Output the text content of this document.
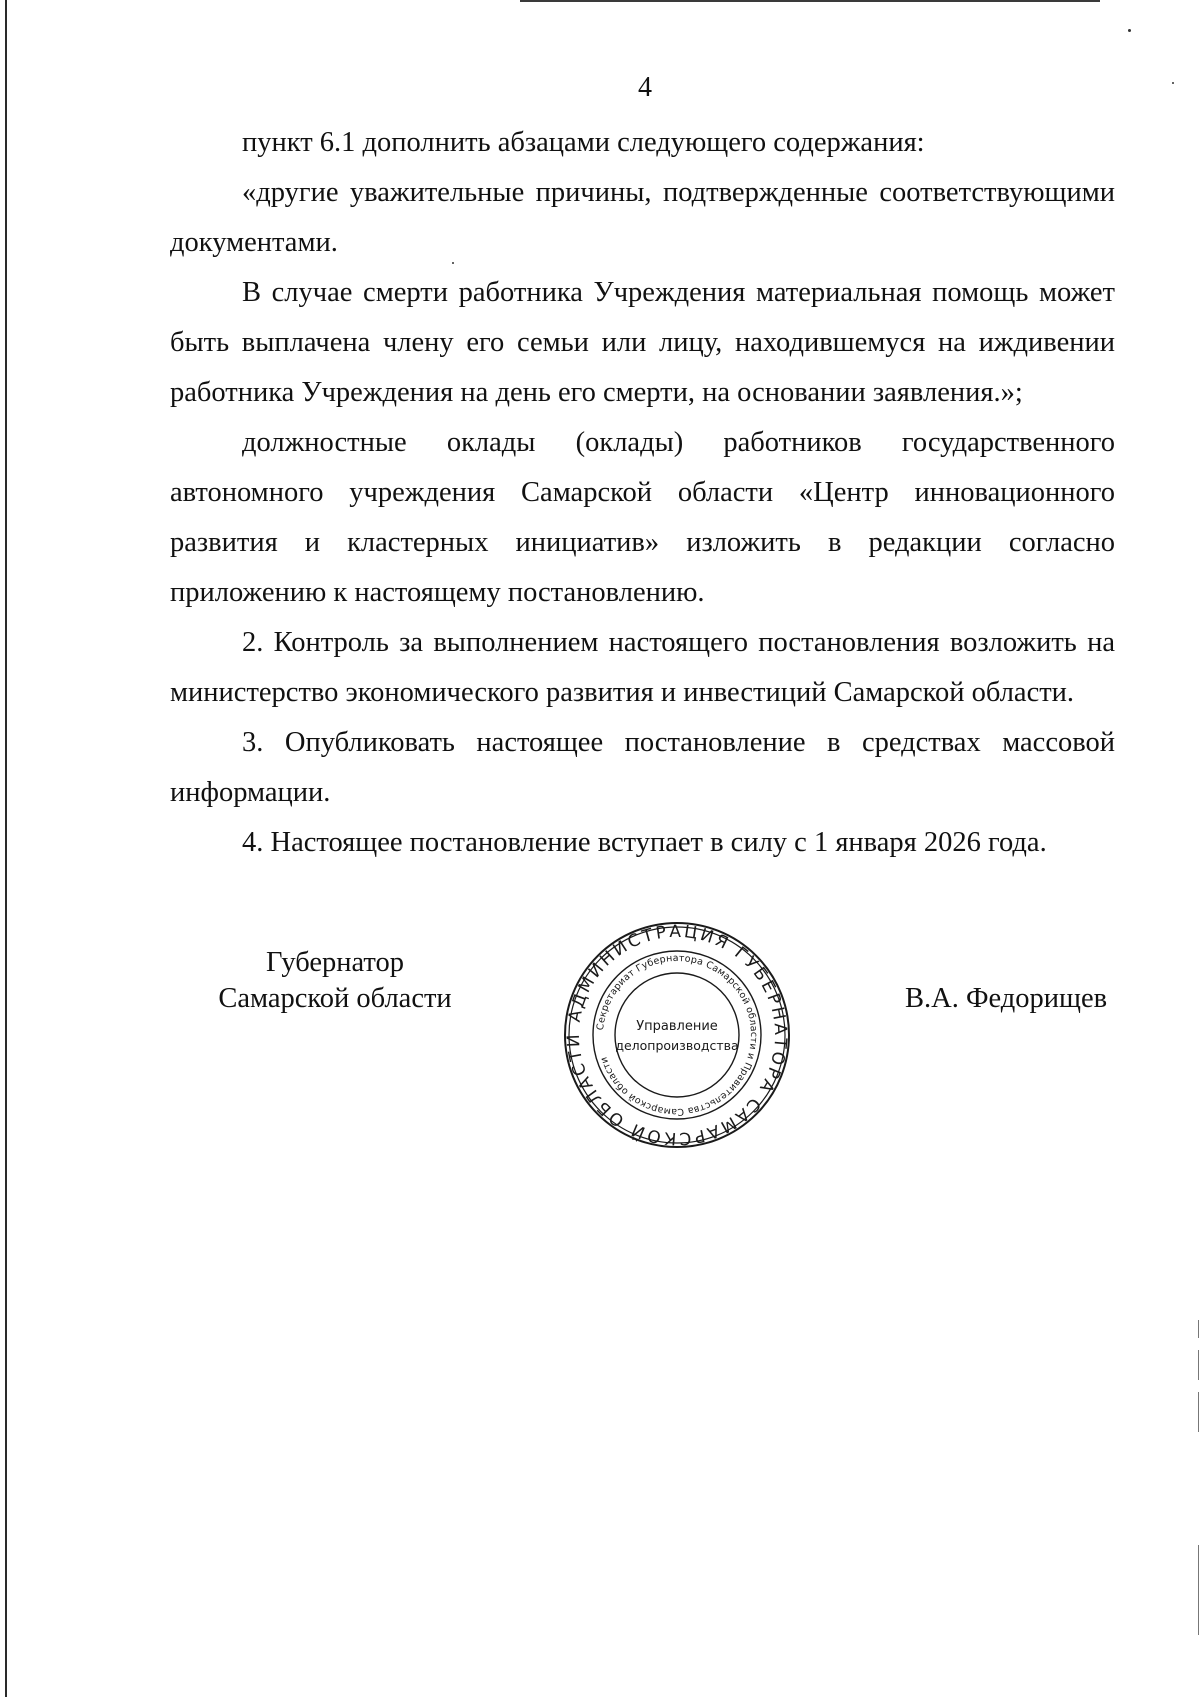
4

пункт 6.1 дополнить абзацами следующего содержания:

«другие уважительные причины, подтвержденные соответствующими документами.

В случае смерти работника Учреждения материальная помощь может быть выплачена члену его семьи или лицу, находившемуся на иждивении работника Учреждения на день его смерти, на основании заявления.»;

должностные оклады (оклады) работников государственного автономного учреждения Самарской области «Центр инновационного развития и кластерных инициатив» изложить в редакции согласно приложению к настоящему постановлению.

2. Контроль за выполнением настоящего постановления возложить на министерство экономического развития и инвестиций Самарской области.

3. Опубликовать настоящее постановление в средствах массовой информации.

4. Настоящее постановление вступает в силу с 1 января 2026 года.

Губернатор
Самарской области
АДМИНИСТРАЦИЯ ГУБЕРНАТОРА САМАРСКОЙ ОБЛАСТИ
Секретариат Губернатора Самарской области и Правительства Самарской области
Управление
делопроизводства
В.А. Федорищев
